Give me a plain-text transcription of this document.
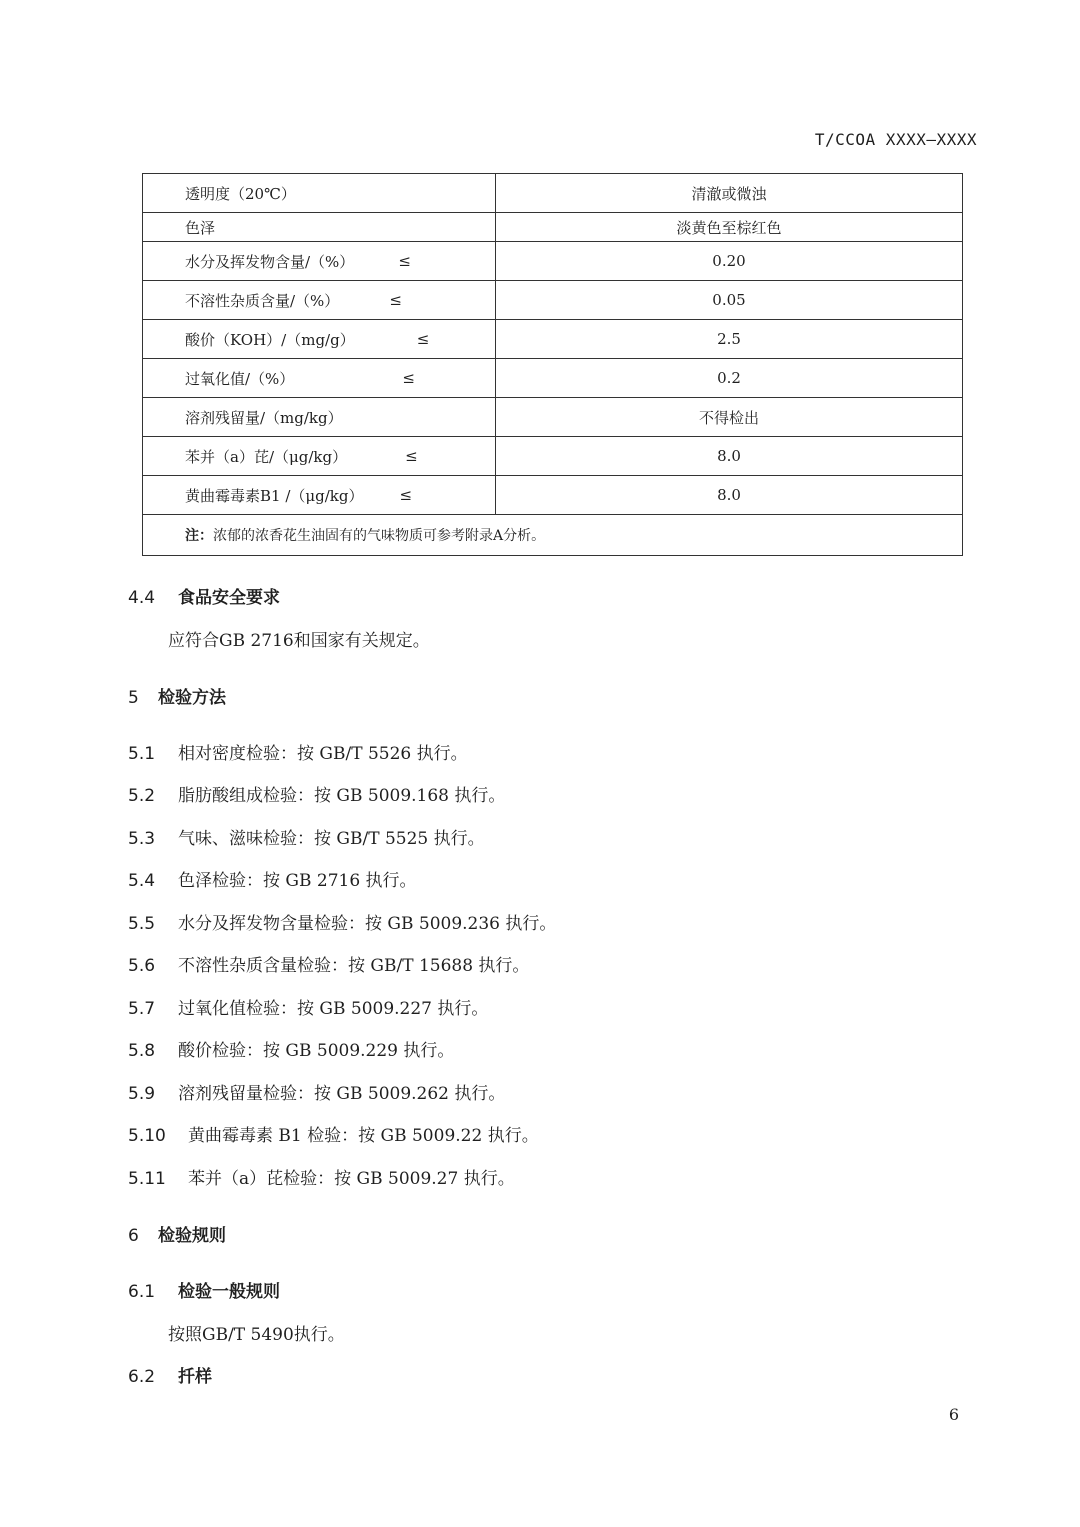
T/CCOA XXXX—XXXX
透明度（20℃）	清澈或微浊
色泽	淡黄色至棕红色

水分及挥发物含量/（%） ≤	0.20

不溶性杂质含量/（%） ≤	0.05

酸价（KOH）/（mg/g） ≤	2.5

过氧化值/（%） ≤	0.2
溶剂残留量/（mg/kg）	不得检出

苯并（a）芘/（μg/kg） ≤	8.0

黄曲霉毒素B1 /（μg/kg） ≤	8.0
注：浓郁的浓香花生油固有的气味物质可参考附录A分析。	
4.4 食品安全要求
应符合GB 2716和国家有关规定。
5 检验方法
5.1 相对密度检验：按 GB/T 5526 执行。
5.2 脂肪酸组成检验：按 GB 5009.168 执行。
5.3 气味、滋味检验：按 GB/T 5525 执行。
5.4 色泽检验：按 GB 2716 执行。
5.5 水分及挥发物含量检验：按 GB 5009.236 执行。
5.6 不溶性杂质含量检验：按 GB/T 15688 执行。
5.7 过氧化值检验：按 GB 5009.227 执行。
5.8 酸价检验：按 GB 5009.229 执行。
5.9 溶剂残留量检验：按 GB 5009.262 执行。
5.10 黄曲霉毒素 B1 检验：按 GB 5009.22 执行。
5.11 苯并（a）芘检验：按 GB 5009.27 执行。
6 检验规则
6.1 检验一般规则
按照GB/T 5490执行。
6.2 扦样
6
